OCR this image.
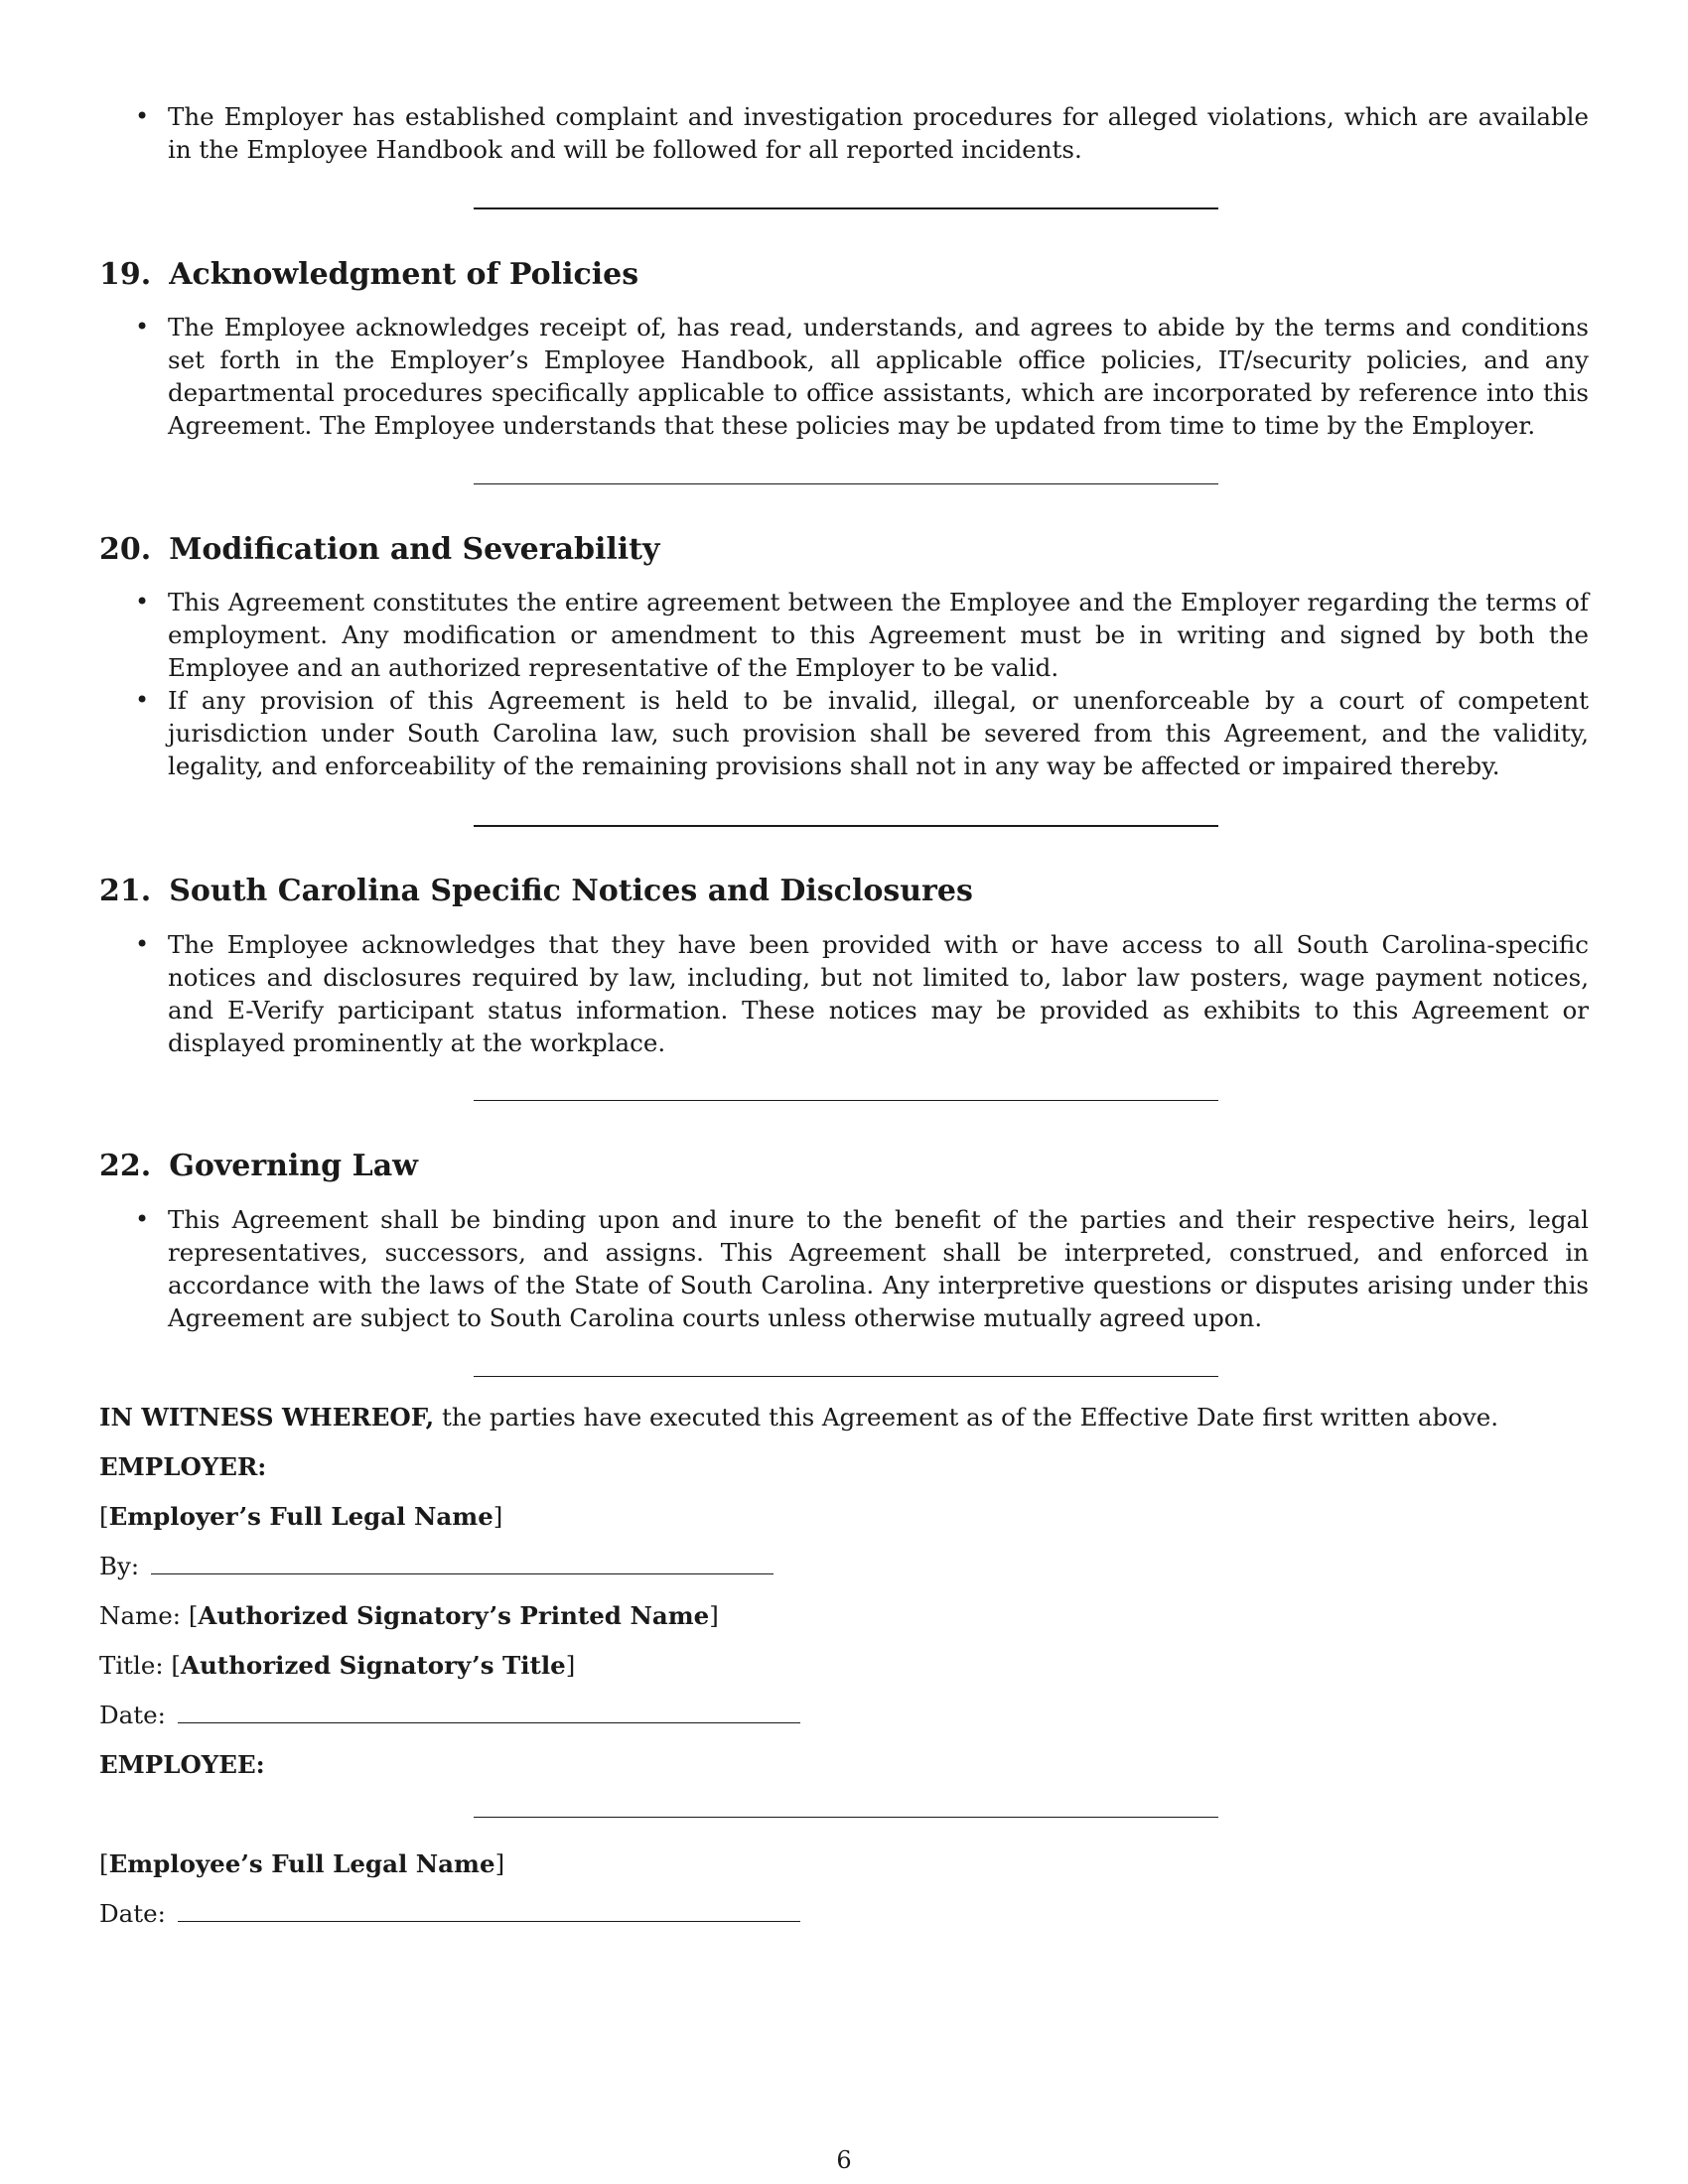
• The Employer has established complaint and investigation procedures for alleged violations, which are available in the Employee Handbook and will be followed for all reported incidents.
19. Acknowledgment of Policies
• The Employee acknowledges receipt of, has read, understands, and agrees to abide by the terms and conditions set forth in the Employer’s Employee Handbook, all applicable office policies, IT/security policies, and any departmental procedures specifically applicable to office assistants, which are incorporated by reference into this Agreement. The Employee understands that these policies may be updated from time to time by the Employer.
20. Modification and Severability
• This Agreement constitutes the entire agreement between the Employee and the Employer regarding the terms of employment. Any modification or amendment to this Agreement must be in writing and signed by both the Employee and an authorized representative of the Employer to be valid.
• If any provision of this Agreement is held to be invalid, illegal, or unenforceable by a court of competent jurisdiction under South Carolina law, such provision shall be severed from this Agreement, and the validity, legality, and enforceability of the remaining provisions shall not in any way be affected or impaired thereby.
21. South Carolina Specific Notices and Disclosures
• The Employee acknowledges that they have been provided with or have access to all South Carolina-specific notices and disclosures required by law, including, but not limited to, labor law posters, wage payment notices, and E-Verify participant status information. These notices may be provided as exhibits to this Agreement or displayed prominently at the workplace.
22. Governing Law
• This Agreement shall be binding upon and inure to the benefit of the parties and their respective heirs, legal representatives, successors, and assigns. This Agreement shall be interpreted, construed, and enforced in accordance with the laws of the State of South Carolina. Any interpretive questions or disputes arising under this Agreement are subject to South Carolina courts unless otherwise mutually agreed upon.

IN WITNESS WHEREOF, the parties have executed this Agreement as of the Effective Date first written above.

EMPLOYER:

[Employer’s Full Legal Name]

By:

Name: [Authorized Signatory’s Printed Name]

Title: [Authorized Signatory’s Title]

Date:

EMPLOYEE:

[Employee’s Full Legal Name]

Date:

6
